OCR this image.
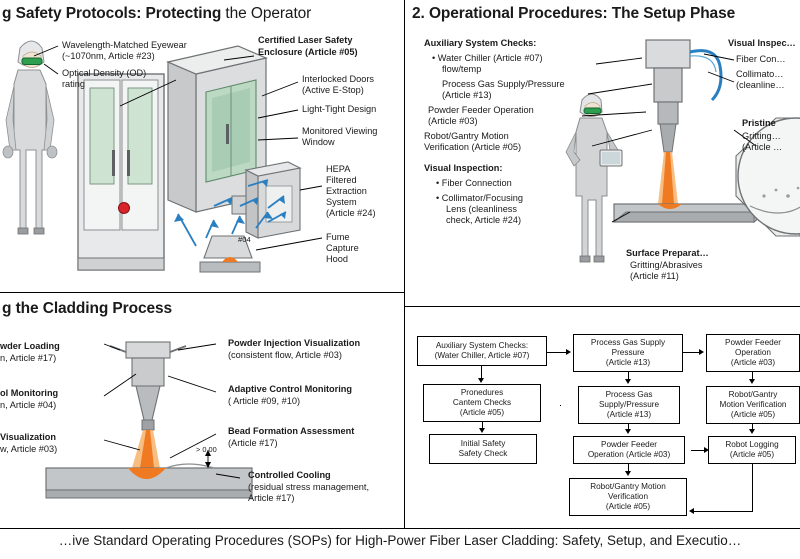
g Safety Protocols: Protecting the Operator
Wavelength-Matched Eyewear
(~1070nm, Article #23)
Optical Density (OD)
rating
Certified Laser Safety
Enclosure (Article #05)
Interlocked Doors
(Active E-Stop)
Light-Tight Design
Monitored Viewing
Window
HEPA
Filtered
Extraction
System
(Article #24)
Fume
Capture
Hood
#04
g the Cladding Process
wder Loading
n, Article #17)
ol Monitoring
n, Article #04)
Visualization
w, Article #03)
Powder Injection Visualization
(consistent flow, Article #03)
Adaptive Control Monitoring
( Article #09, #10)
Bead Formation Assessment
(Article #17)
Controlled Cooling
(residual stress management,
Article #17)
> 0.00
2. Operational Procedures: The Setup Phase
Auxiliary System Checks:
• Water Chiller (Article #07)
flow/temp
Process Gas Supply/Pressure
(Article #13)
Powder Feeder Operation
(Article #03)
Robot/Gantry Motion
Verification (Article #05)
Visual Inspection:
• Fiber Connection
• Collimator/Focusing
Lens (cleanliness
check, Article #24)
Visual Inspec…
Fiber Con…
Collimato…
(cleanline…
Pristine
Gritting…
(Article …
Surface Preparat…
Gritting/Abrasives
(Article #11)
Auxiliary System Checks:
(Water Chiller, Article #07)
Pronedures
Cantem Checks
(Article #05)
Initial Safety
Safety Check
Process Gas Supply
Pressure
(Article #13)
Process Gas
Supply/Pressure
(Article #13)
Powder Feeder
Operation (Article #03)
Robot/Gantry Motion
Verification
(Article #05)
Powder Feeder
Operation
(Article #03)
Robot/Gantry
Motion Verification
(Article #05)
Robot Logging
(Article #05)
…ive Standard Operating Procedures (SOPs) for High-Power Fiber Laser Cladding: Safety, Setup, and Executio…
